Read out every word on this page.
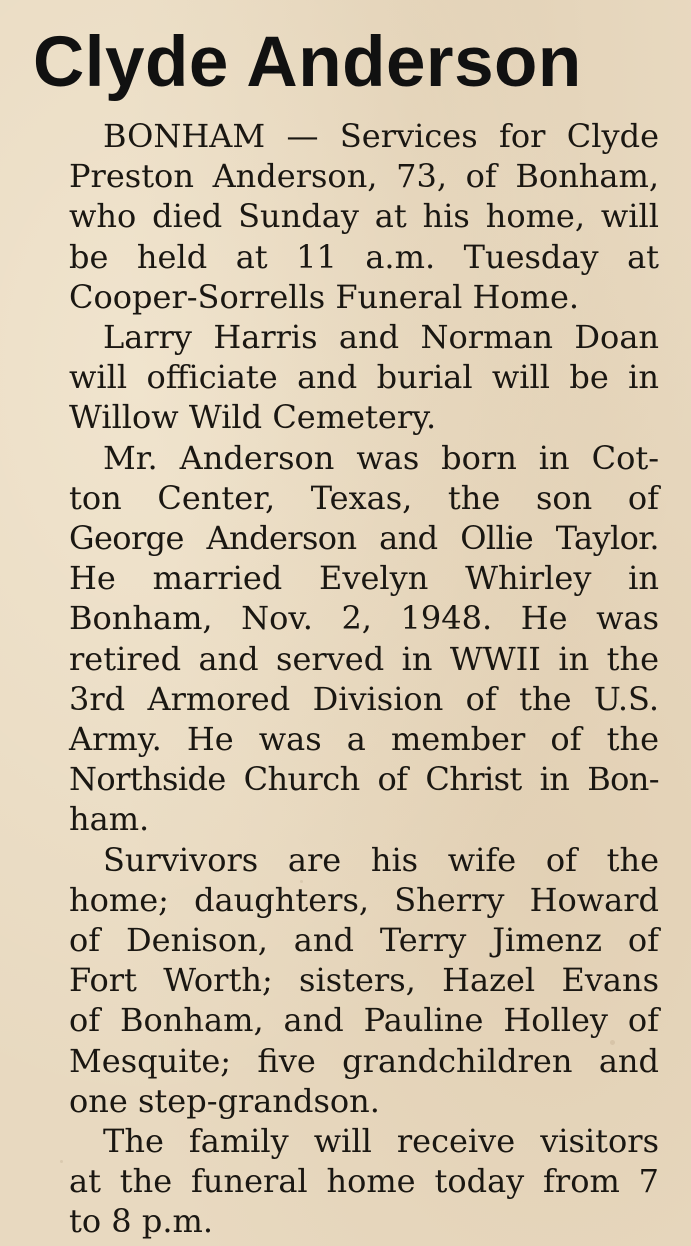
Clyde Anderson
BONHAM — Services for Clyde
Preston Anderson, 73, of Bonham,
who died Sunday at his home, will
be held at 11 a.m. Tuesday at
Cooper-Sorrells Funeral Home.
Larry Harris and Norman Doan
will officiate and burial will be in
Willow Wild Cemetery.
Mr. Anderson was born in Cot-
ton Center, Texas, the son of
George Anderson and Ollie Taylor.
He married Evelyn Whirley in
Bonham, Nov. 2, 1948. He was
retired and served in WWII in the
3rd Armored Division of the U.S.
Army. He was a member of the
Northside Church of Christ in Bon-
ham.
Survivors are his wife of the
home; daughters, Sherry Howard
of Denison, and Terry Jimenz of
Fort Worth; sisters, Hazel Evans
of Bonham, and Pauline Holley of
Mesquite; five grandchildren and
one step-grandson.
The family will receive visitors
at the funeral home today from 7
to 8 p.m.
